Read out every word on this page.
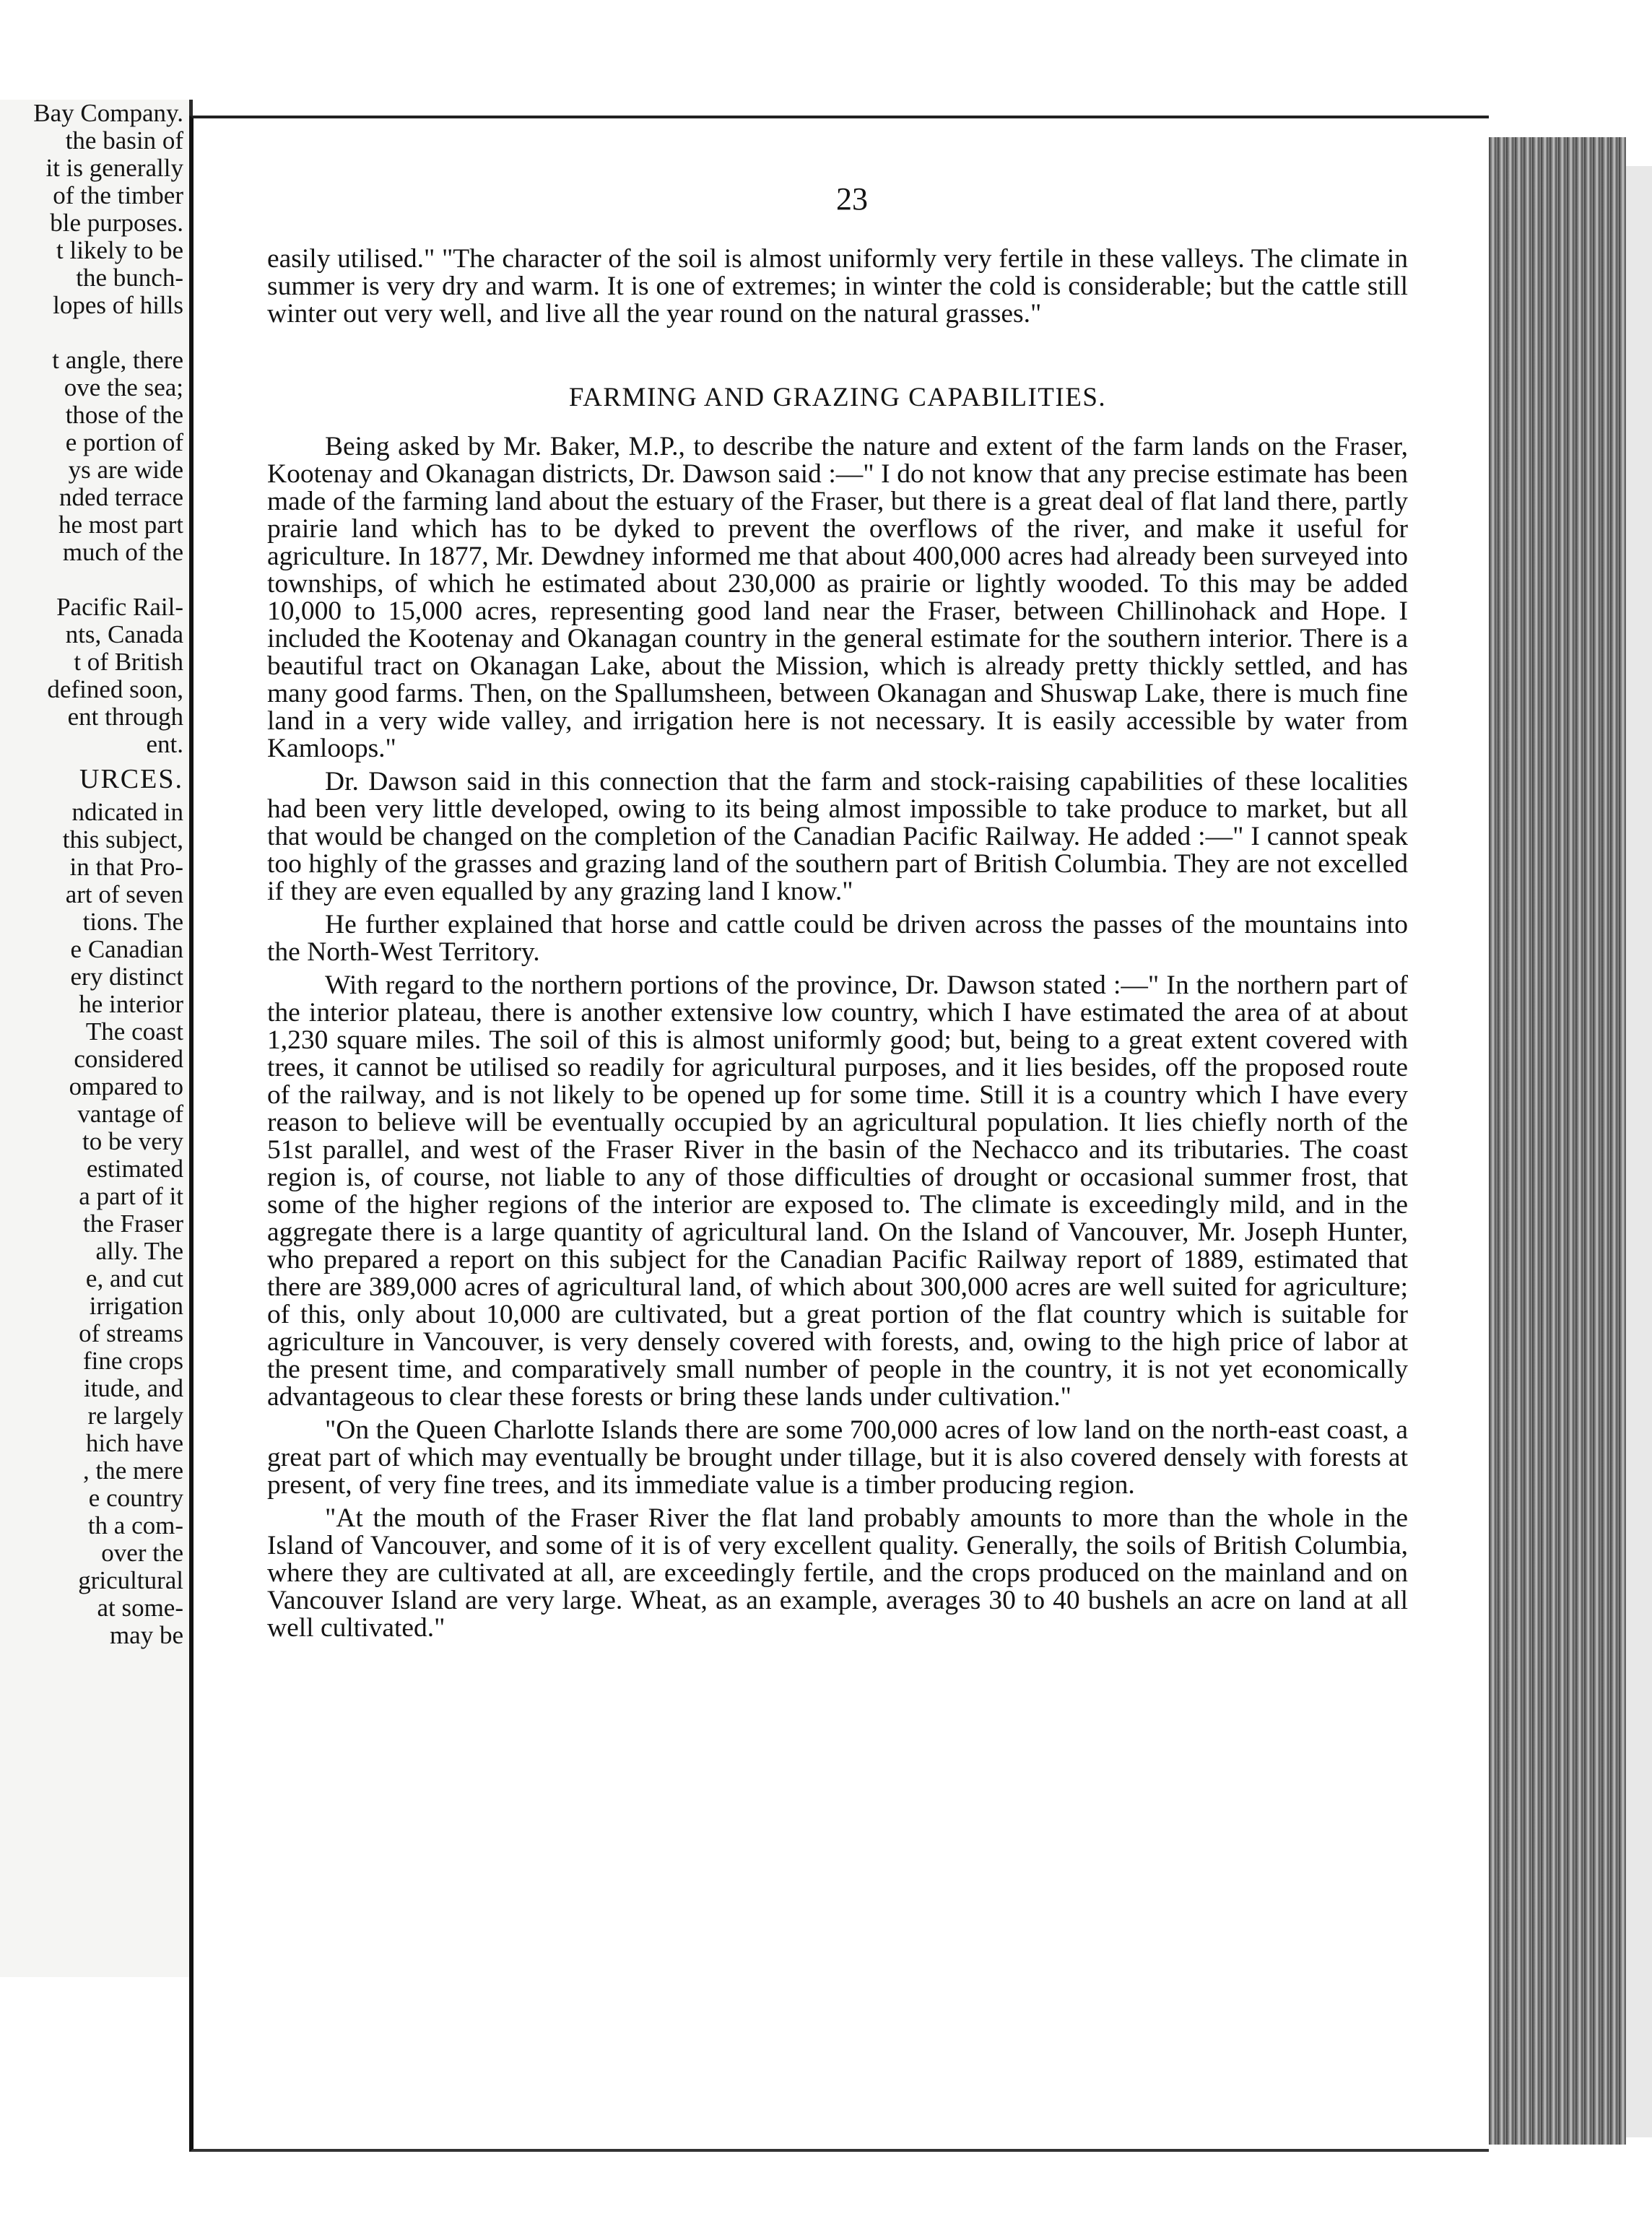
Bay Company.
the basin of
it is generally
of the timber
ble purposes.
t likely to be
the bunch-
lopes of hills
t angle, there
ove the sea;
those of the
e portion of
ys are wide
nded terrace
he most part
much of the
Pacific Rail-
nts, Canada
t of British
defined soon,
ent through
ent.
URCES.
ndicated in
this subject,
in that Pro-
art of seven
tions. The
e Canadian
ery distinct
he interior
The coast
considered
ompared to
vantage of
to be very
estimated
a part of it
the Fraser
ally. The
e, and cut
irrigation
of streams
fine crops
itude, and
re largely
hich have
, the mere
e country
th a com-
over the
gricultural
at some-
may be
23

easily utilised." "The character of the soil is almost uniformly very fertile in these valleys. The climate in summer is very dry and warm. It is one of extremes; in winter the cold is considerable; but the cattle still winter out very well, and live all the year round on the natural grasses."

FARMING AND GRAZING CAPABILITIES.

Being asked by Mr. Baker, M.P., to describe the nature and extent of the farm lands on the Fraser, Kootenay and Okanagan districts, Dr. Dawson said :—" I do not know that any precise estimate has been made of the farming land about the estuary of the Fraser, but there is a great deal of flat land there, partly prairie land which has to be dyked to prevent the overflows of the river, and make it useful for agriculture. In 1877, Mr. Dewdney informed me that about 400,000 acres had already been surveyed into townships, of which he estimated about 230,000 as prairie or lightly wooded. To this may be added 10,000 to 15,000 acres, representing good land near the Fraser, between Chillinohack and Hope. I included the Kootenay and Okanagan country in the general estimate for the southern interior. There is a beautiful tract on Okanagan Lake, about the Mission, which is already pretty thickly settled, and has many good farms. Then, on the Spallumsheen, between Okanagan and Shuswap Lake, there is much fine land in a very wide valley, and irrigation here is not necessary. It is easily accessible by water from Kamloops."

Dr. Dawson said in this connection that the farm and stock-raising capabilities of these localities had been very little developed, owing to its being almost impossible to take produce to market, but all that would be changed on the completion of the Canadian Pacific Railway. He added :—" I cannot speak too highly of the grasses and grazing land of the southern part of British Columbia. They are not excelled if they are even equalled by any grazing land I know."

He further explained that horse and cattle could be driven across the passes of the mountains into the North-West Territory.

With regard to the northern portions of the province, Dr. Dawson stated :—" In the northern part of the interior plateau, there is another extensive low country, which I have estimated the area of at about 1,230 square miles. The soil of this is almost uniformly good; but, being to a great extent covered with trees, it cannot be utilised so readily for agricultural purposes, and it lies besides, off the proposed route of the railway, and is not likely to be opened up for some time. Still it is a country which I have every reason to believe will be eventually occupied by an agricultural population. It lies chiefly north of the 51st parallel, and west of the Fraser River in the basin of the Nechacco and its tributaries. The coast region is, of course, not liable to any of those difficulties of drought or occasional summer frost, that some of the higher regions of the interior are exposed to. The climate is exceedingly mild, and in the aggregate there is a large quantity of agricultural land. On the Island of Vancouver, Mr. Joseph Hunter, who prepared a report on this subject for the Canadian Pacific Railway report of 1889, estimated that there are 389,000 acres of agricultural land, of which about 300,000 acres are well suited for agriculture; of this, only about 10,000 are cultivated, but a great portion of the flat country which is suitable for agriculture in Vancouver, is very densely covered with forests, and, owing to the high price of labor at the present time, and comparatively small number of people in the country, it is not yet economically advantageous to clear these forests or bring these lands under cultivation."

"On the Queen Charlotte Islands there are some 700,000 acres of low land on the north-east coast, a great part of which may eventually be brought under tillage, but it is also covered densely with forests at present, of very fine trees, and its immediate value is a timber producing region.

"At the mouth of the Fraser River the flat land probably amounts to more than the whole in the Island of Vancouver, and some of it is of very excellent quality. Generally, the soils of British Columbia, where they are cultivated at all, are exceedingly fertile, and the crops produced on the mainland and on Vancouver Island are very large. Wheat, as an example, averages 30 to 40 bushels an acre on land at all well cultivated."
